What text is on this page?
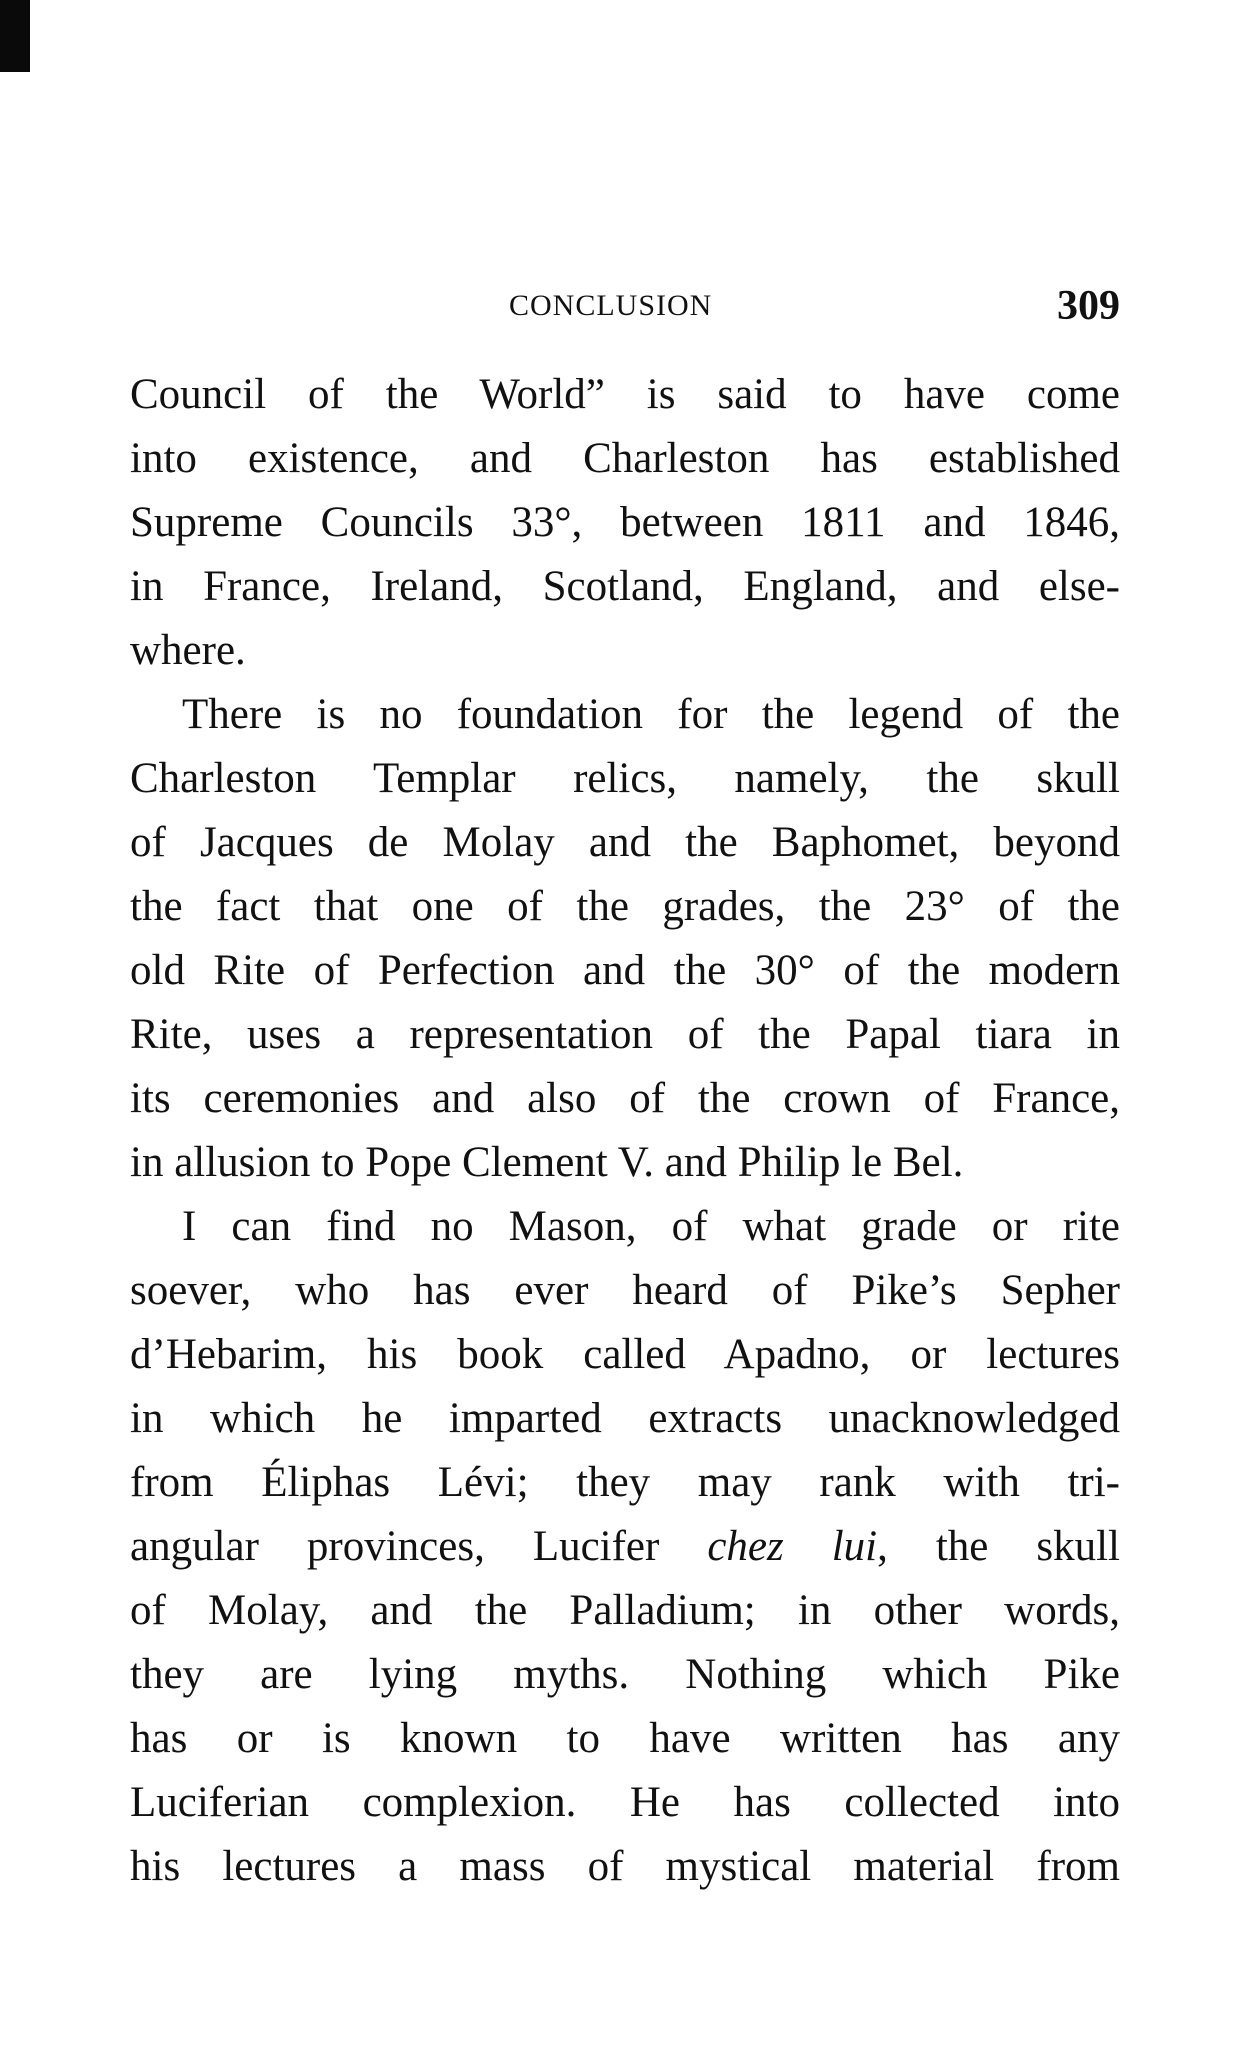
CONCLUSION	309
Council of the World” is said to have come
into existence, and Charleston has established
Supreme Councils 33°, between 1811 and 1846,
in France, Ireland, Scotland, England, and else-
where.
There is no foundation for the legend of the
Charleston Templar relics, namely, the skull
of Jacques de Molay and the Baphomet, beyond
the fact that one of the grades, the 23° of the
old Rite of Perfection and the 30° of the modern
Rite, uses a representation of the Papal tiara in
its ceremonies and also of the crown of France,
in allusion to Pope Clement V. and Philip le Bel.
I can find no Mason, of what grade or rite
soever, who has ever heard of Pike’s Sepher
d’Hebarim, his book called Apadno, or lectures
in which he imparted extracts unacknowledged
from Éliphas Lévi; they may rank with tri-
angular provinces, Lucifer chez lui, the skull
of Molay, and the Palladium; in other words,
they are lying myths. Nothing which Pike
has or is known to have written has any
Luciferian complexion. He has collected into
his lectures a mass of mystical material from
